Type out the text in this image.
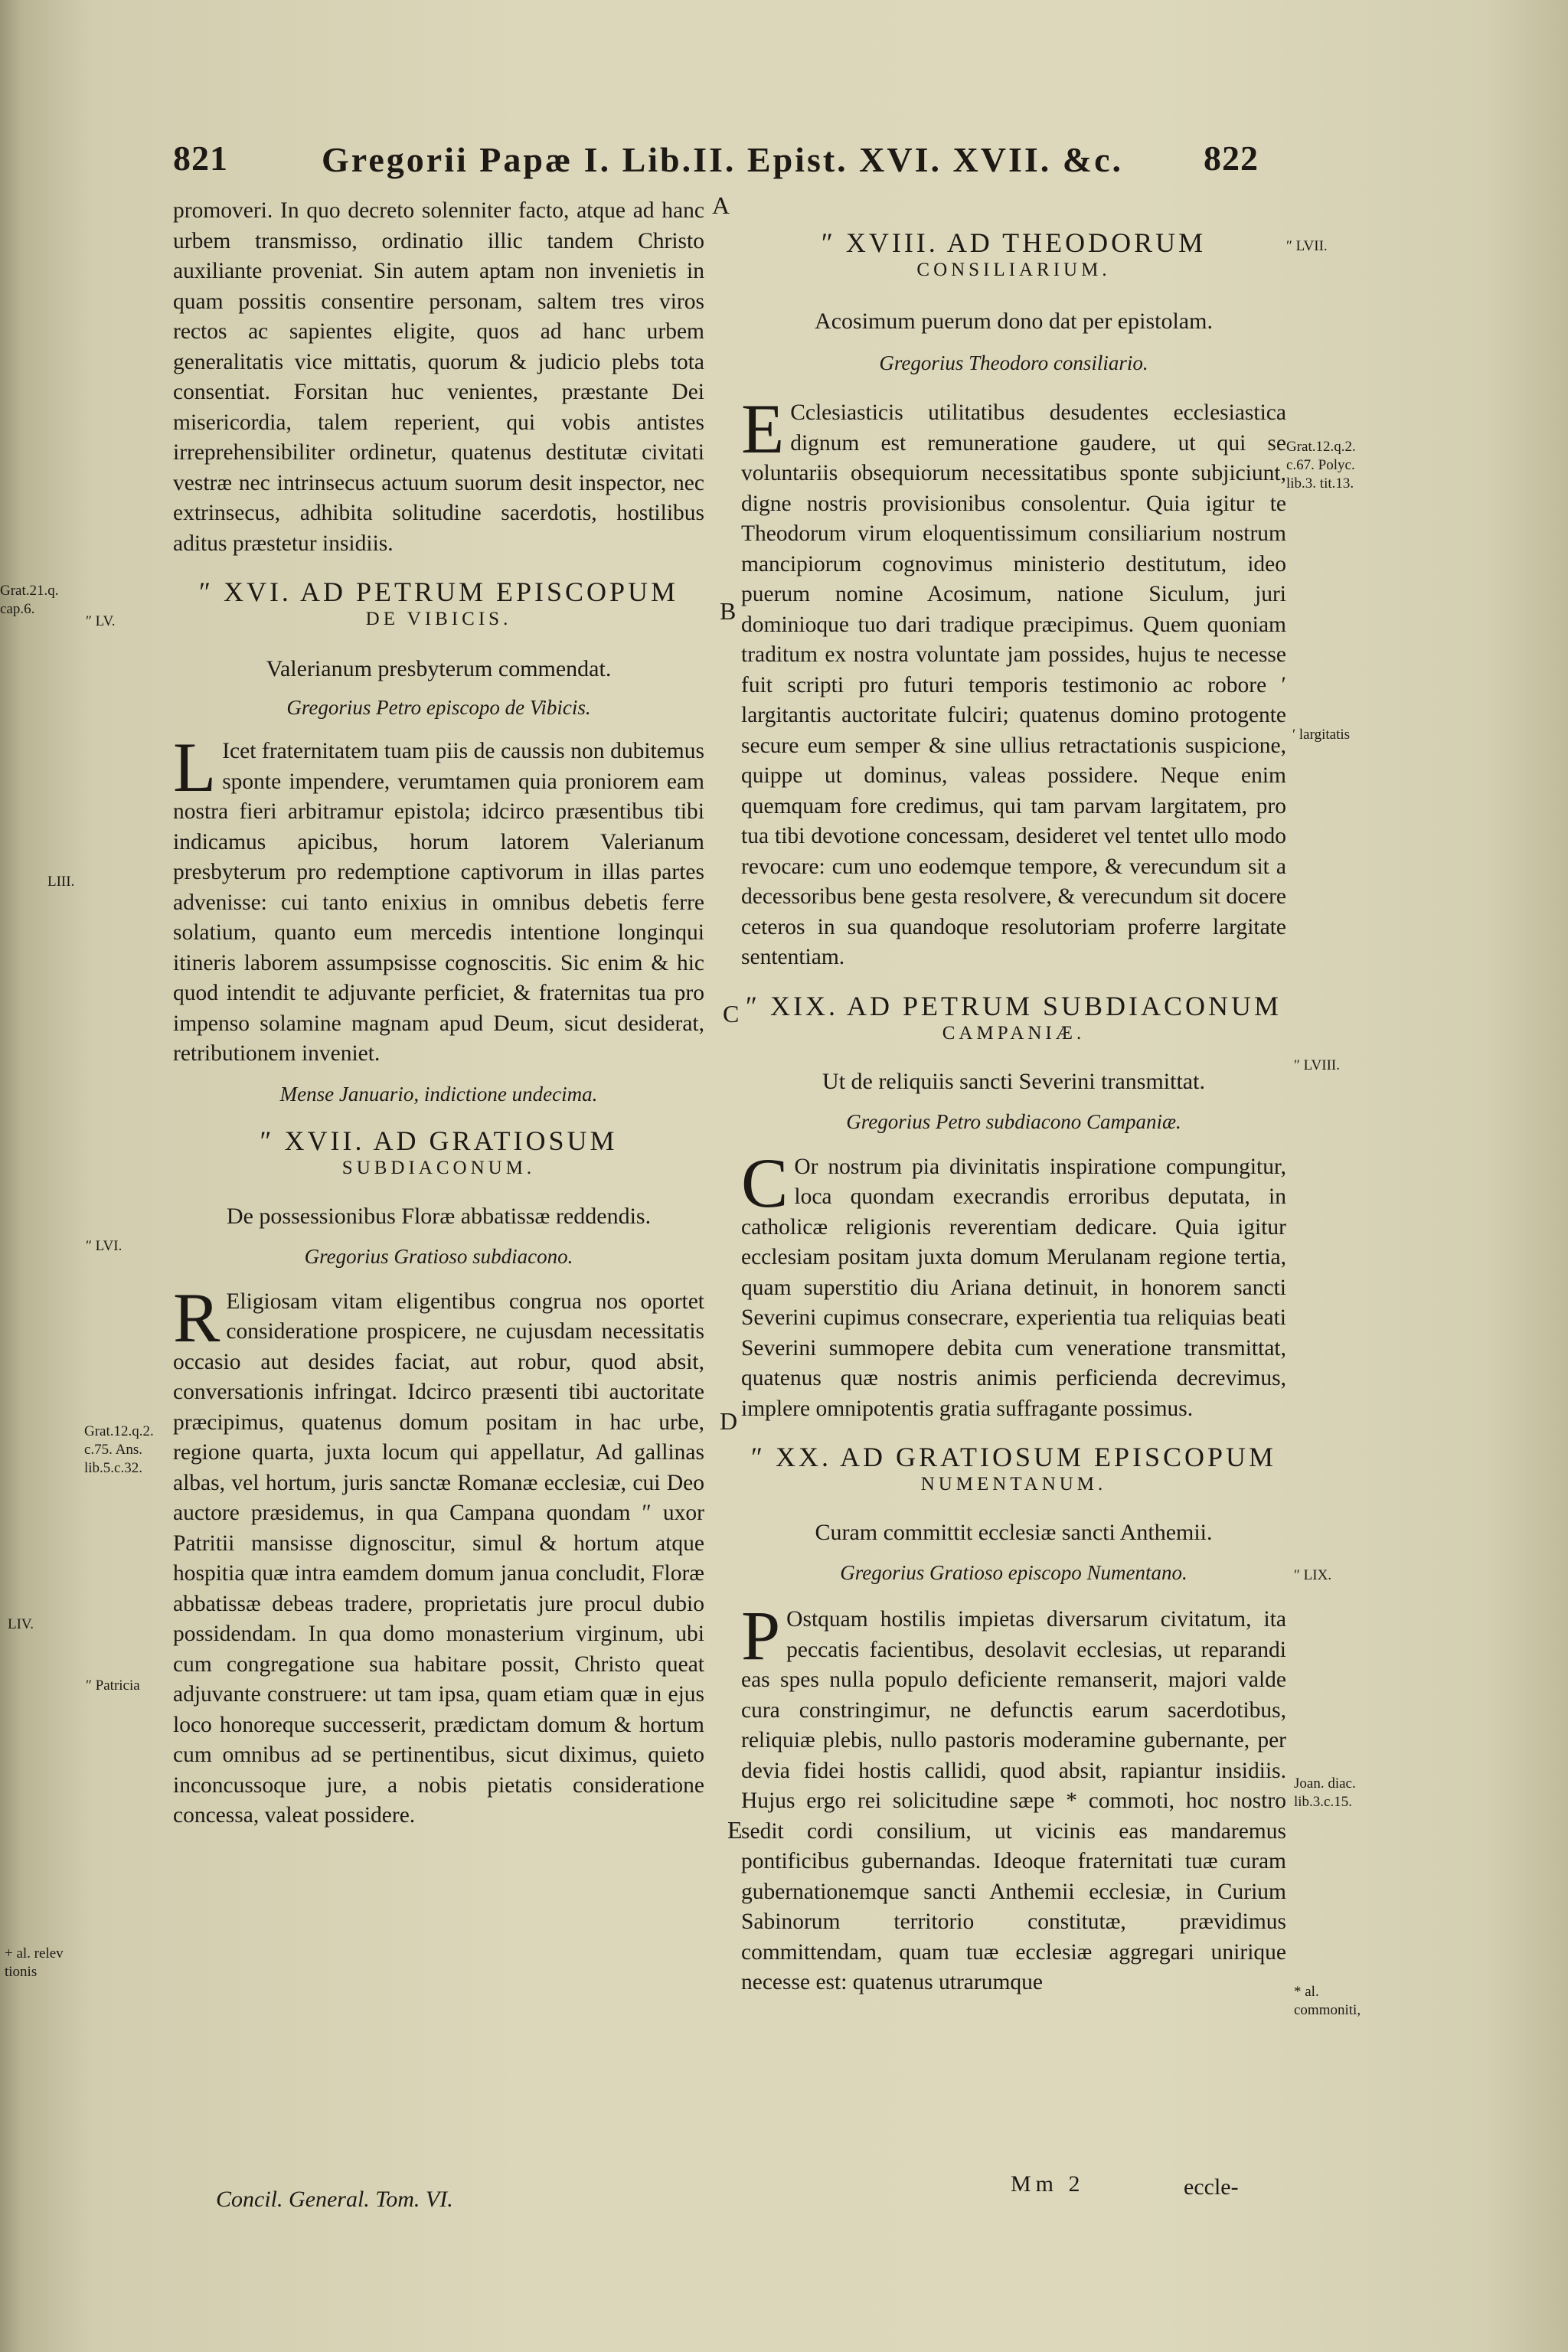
821	Gregorii Papæ I. Lib.II. Epist. XVI. XVII. &c. 822

promoveri. In quo decreto solenniter facto, atque ad hanc urbem transmisso, ordinatio illic tandem Christo auxiliante proveniat. Sin autem aptam non invenietis in quam possitis consentire personam, saltem tres viros rectos ac sapientes eligite, quos ad hanc urbem generalitatis vice mittatis, quorum & judicio plebs tota consentiat. Forsitan huc venientes, præstante Dei misericordia, talem reperient, qui vobis antistes irreprehensibiliter ordinetur, quatenus destitutæ civitati vestræ nec intrinsecus actuum suorum desit inspector, nec extrinsecus, adhibita solitudine sacerdotis, hostilibus aditus præstetur insidiis.

″ XVI. AD PETRUM EPISCOPUM
DE VIBICIS.
Valerianum presbyterum commendat.
Gregorius Petro episcopo de Vibicis.

L Icet fraternitatem tuam piis de caussis non dubitemus sponte impendere, verumtamen quia proniorem eam nostra fieri arbitramur epistola; idcirco præsentibus tibi indicamus apicibus, horum latorem Valerianum presbyterum pro redemptione captivorum in illas partes advenisse: cui tanto enixius in omnibus debetis ferre solatium, quanto eum mercedis intentione longinqui itineris laborem assumpsisse cognoscitis. Sic enim & hic quod intendit te adjuvante perficiet, & fraternitas tua pro impenso solamine magnam apud Deum, sicut desiderat, retributionem inveniet.

Mense Januario, indictione undecima.
″ XVII. AD GRATIOSUM
SUBDIACONUM.
De possessionibus Floræ abbatissæ reddendis.
Gregorius Gratioso subdiacono.

R Eligiosam vitam eligentibus congrua nos oportet consideratione prospicere, ne cujusdam necessitatis occasio aut desides faciat, aut robur, quod absit, conversationis infringat. Idcirco præsenti tibi auctoritate præcipimus, quatenus domum positam in hac urbe, regione quarta, juxta locum qui appellatur, Ad gallinas albas, vel hortum, juris sanctæ Romanæ ecclesiæ, cui Deo auctore præsidemus, in qua Campana quondam ″ uxor Patritii mansisse dignoscitur, simul & hortum atque hospitia quæ intra eamdem domum janua concludit, Floræ abbatissæ debeas tradere, proprietatis jure procul dubio possidendam. In qua domo monasterium virginum, ubi cum congregatione sua habitare possit, Christo queat adjuvante construere: ut tam ipsa, quam etiam quæ in ejus loco honoreque successerit, prædictam domum & hortum cum omnibus ad se pertinentibus, sicut diximus, quieto inconcussoque jure, a nobis pietatis consideratione concessa, valeat possidere.

A
B
C
D
E
″ XVIII. AD THEODORUM
CONSILIARIUM.
Acosimum puerum dono dat per epistolam.
Gregorius Theodoro consiliario.

E Cclesiasticis utilitatibus desudentes ecclesiastica dignum est remuneratione gaudere, ut qui se voluntariis obsequiorum necessitatibus sponte subjiciunt, digne nostris provisionibus consolentur. Quia igitur te Theodorum virum eloquentissimum consiliarium nostrum mancipiorum cognovimus ministerio destitutum, ideo puerum nomine Acosimum, natione Siculum, juri dominioque tuo dari tradique præcipimus. Quem quoniam traditum ex nostra voluntate jam possides, hujus te necesse fuit scripti pro futuri temporis testimonio ac robore ′ largitantis auctoritate fulciri; quatenus domino protogente secure eum semper & sine ullius retractationis suspicione, quippe ut dominus, valeas possidere. Neque enim quemquam fore credimus, qui tam parvam largitatem, pro tua tibi devotione concessam, desideret vel tentet ullo modo revocare: cum uno eodemque tempore, & verecundum sit a decessoribus bene gesta resolvere, & verecundum sit docere ceteros in sua quandoque resolutoriam proferre largitate sententiam.

″ XIX. AD PETRUM SUBDIACONUM
CAMPANIÆ.
Ut de reliquiis sancti Severini transmittat.
Gregorius Petro subdiacono Campaniæ.

C Or nostrum pia divinitatis inspiratione compungitur, loca quondam execrandis erroribus deputata, in catholicæ religionis reverentiam dedicare. Quia igitur ecclesiam positam juxta domum Merulanam regione tertia, quam superstitio diu Ariana detinuit, in honorem sancti Severini cupimus consecrare, experientia tua reliquias beati Severini summopere debita cum veneratione transmittat, quatenus quæ nostris animis perficienda decrevimus, implere omnipotentis gratia suffragante possimus.

″ XX. AD GRATIOSUM EPISCOPUM
NUMENTANUM.
Curam committit ecclesiæ sancti Anthemii.
Gregorius Gratioso episcopo Numentano.

P Ostquam hostilis impietas diversarum civitatum, ita peccatis facientibus, desolavit ecclesias, ut reparandi eas spes nulla populo deficiente remanserit, majori valde cura constringimur, ne defunctis earum sacerdotibus, reliquiæ plebis, nullo pastoris moderamine gubernante, per devia fidei hostis callidi, quod absit, rapiantur insidiis. Hujus ergo rei solicitudine sæpe * commoti, hoc nostro sedit cordi consilium, ut vicinis eas mandaremus pontificibus gubernandas. Ideoque fraternitati tuæ curam gubernationemque sancti Anthemii ecclesiæ, in Curium Sabinorum territorio constitutæ, prævidimus committendam, quam tuæ ecclesiæ aggregari unirique necesse est: quatenus utrarumque

Grat.21.q. cap.6.
″ LV.
LIII.
″ LVI.
Grat.12.q.2. c.75. Ans. lib.5.c.32.
LIV.
″ Patricia
+ al. relev tionis
″ LVII.
Grat.12.q.2. c.67. Polyc. lib.3. tit.13.
′ largitatis
″ LVIII.
″ LIX.
Joan. diac. lib.3.c.15.
* al. commoniti,
Concil. General. Tom. VI.
Mm 2	eccle-
